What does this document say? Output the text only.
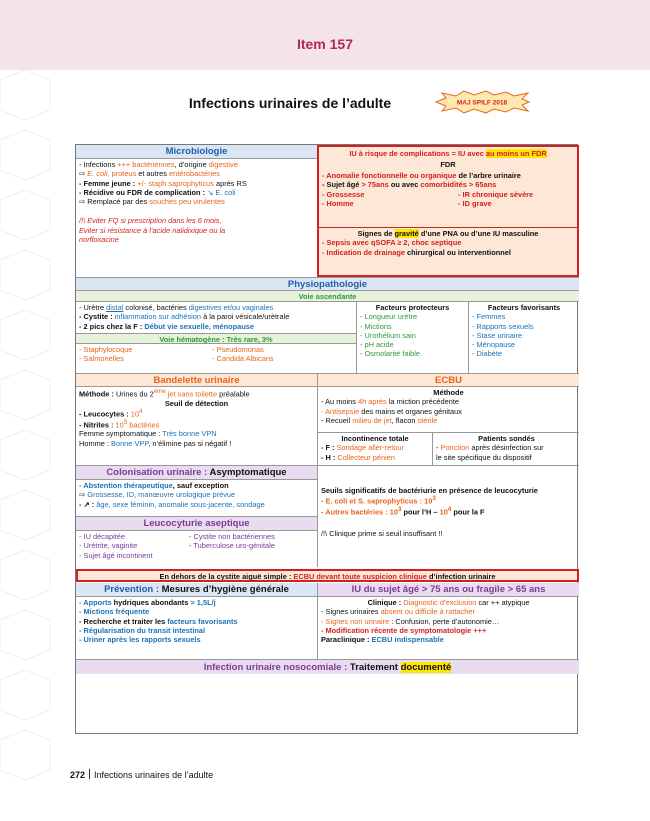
Item 157
Infections urinaires de l’adulte	MAJ SPILF 2018
Microbiologie
- Infections +++ bactériennes, d’origine digestive
⇨ E. coli, proteus et autres entérobactéries
- Femme jeune : +/- staph saprophyticus après RS
- Récidive ou FDR de complication : ↘ E. coli
⇨ Remplacé par des souches peu virulentes
/!\ Eviter FQ si prescription dans les 6 mois,
Eviter si résistance à l’acide nalidixique ou la
norfloxacine
IU à risque de complications = IU avec au moins un FDR
FDR
- Anomalie fonctionnelle ou organique de l’arbre urinaire
- Sujet âgé > 75ans ou avec comorbidités > 65ans
- Grossesse	- IR chronique sévère
- Homme	- ID grave
Signes de gravité d’une PNA ou d’une IU masculine
- Sepsis avec qSOFA ≥ 2, choc septique
- Indication de drainage chirurgical ou interventionnel
Physiopathologie
Voie ascendante
- Urètre distal colonisé, bactéries digestives et/ou vaginales
- Cystite : inflammation sur adhésion à la paroi vésicale/urètrale
- 2 pics chez la F : Début vie sexuelle, ménopause
Voie hématogène : Très rare, 3%
- Staphylocoque	- Pseudomonas
- Salmonelles	- Candida Albicans
Facteurs protecteurs
- Longueur urètre
- Mictions
- Urothélium sain
- pH acide
- Osmolarité faible
Facteurs favorisants
- Femmes
- Rapports sexuels
- Stase urinaire
- Ménopause
- Diabète
Bandelette urinaire
Méthode : Urines du 2ème jet sans toilette préalable
Seuil de détection
- Leucocytes : $10^4$
- Nitrites : $10^5$ bactéries
Femme symptomatique : Très bonne VPN
Homme : Bonne VPP, n’élimine pas si négatif !
ECBU
Méthode
- Au moins 4h après la miction précédente
- Antisepsie des mains et organes génitaux
- Recueil milieu de jet, flacon stérile
Incontinence totale
- F : Sondage aller-retour
- H : Collecteur pénien
Patients sondés
- Ponction après désinfection sur
le site spécifique du dispositif
Colonisation urinaire : Asymptomatique
- Abstention thérapeutique, sauf exception
⇨ Grossesse, ID, manœuvre urologique prévue
- ↗ : âge, sexe féminin, anomalie sous-jacente, sondage
Leucocyturie aseptique
- IU décapitée	- Cystite non bactériennes
- Urétrite, vaginite	- Tuberculose uro-génitale
- Sujet âgé incontinent
Seuils significatifs de bactériurie en présence de leucocyturie
- E. coli et S. saprophyticus : $10^3$
- Autres bactéries : $10^3$ pour l’H – $10^4$ pour la F
/!\ Clinique prime si seuil insuffisant !!
En dehors de la cystite aiguë simple : ECBU devant toute suspicion clinique d’infection urinaire
Prévention : Mesures d’hygiène générale
- Apports hydriques abondants > 1,5L/j
- Mictions fréquente
- Recherche et traiter les facteurs favorisants
- Régularisation du transit intestinal
- Uriner après les rapports sexuels
IU du sujet âgé > 75 ans ou fragile > 65 ans
Clinique : Diagnostic d’exclusion car ++ atypique
- Signes urinaires absent ou difficile à rattacher
- Signes non urinaire : Confusion, perte d’autonomie…
- Modification récente de symptomatologie +++
Paraclinique : ECBU indispensable
Infection urinaire nosocomiale : Traitement documenté
272 Infections urinaires de l’adulte
